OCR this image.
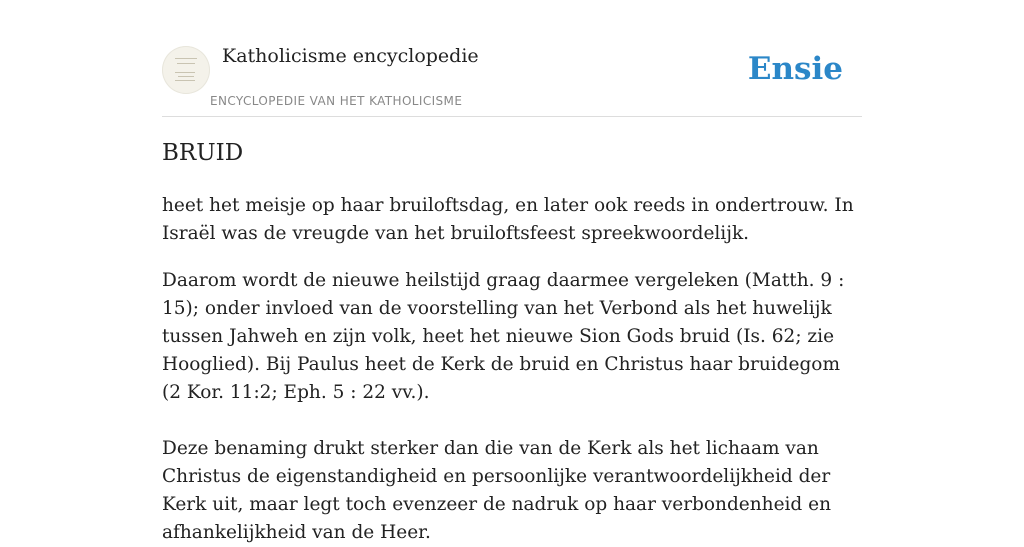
Katholicisme encyclopedie
ENCYCLOPEDIE VAN HET KATHOLICISME
Ensie
BRUID

heet het meisje op haar bruiloftsdag, en later ook reeds in ondertrouw. In Israël was de vreugde van het bruiloftsfeest spreekwoordelijk.

Daarom wordt de nieuwe heilstijd graag daarmee vergeleken (Matth. 9 : 15); onder invloed van de voorstelling van het Verbond als het huwelijk tussen Jahweh en zijn volk, heet het nieuwe Sion Gods bruid (Is. 62; zie Hooglied). Bij Paulus heet de Kerk de bruid en Christus haar bruidegom (2 Kor. 11:2; Eph. 5 : 22 vv.).

Deze benaming drukt sterker dan die van de Kerk als het lichaam van Christus de eigenstandigheid en persoonlijke verantwoordelijkheid der Kerk uit, maar legt toch evenzeer de nadruk op haar verbondenheid en afhankelijkheid van de Heer.
